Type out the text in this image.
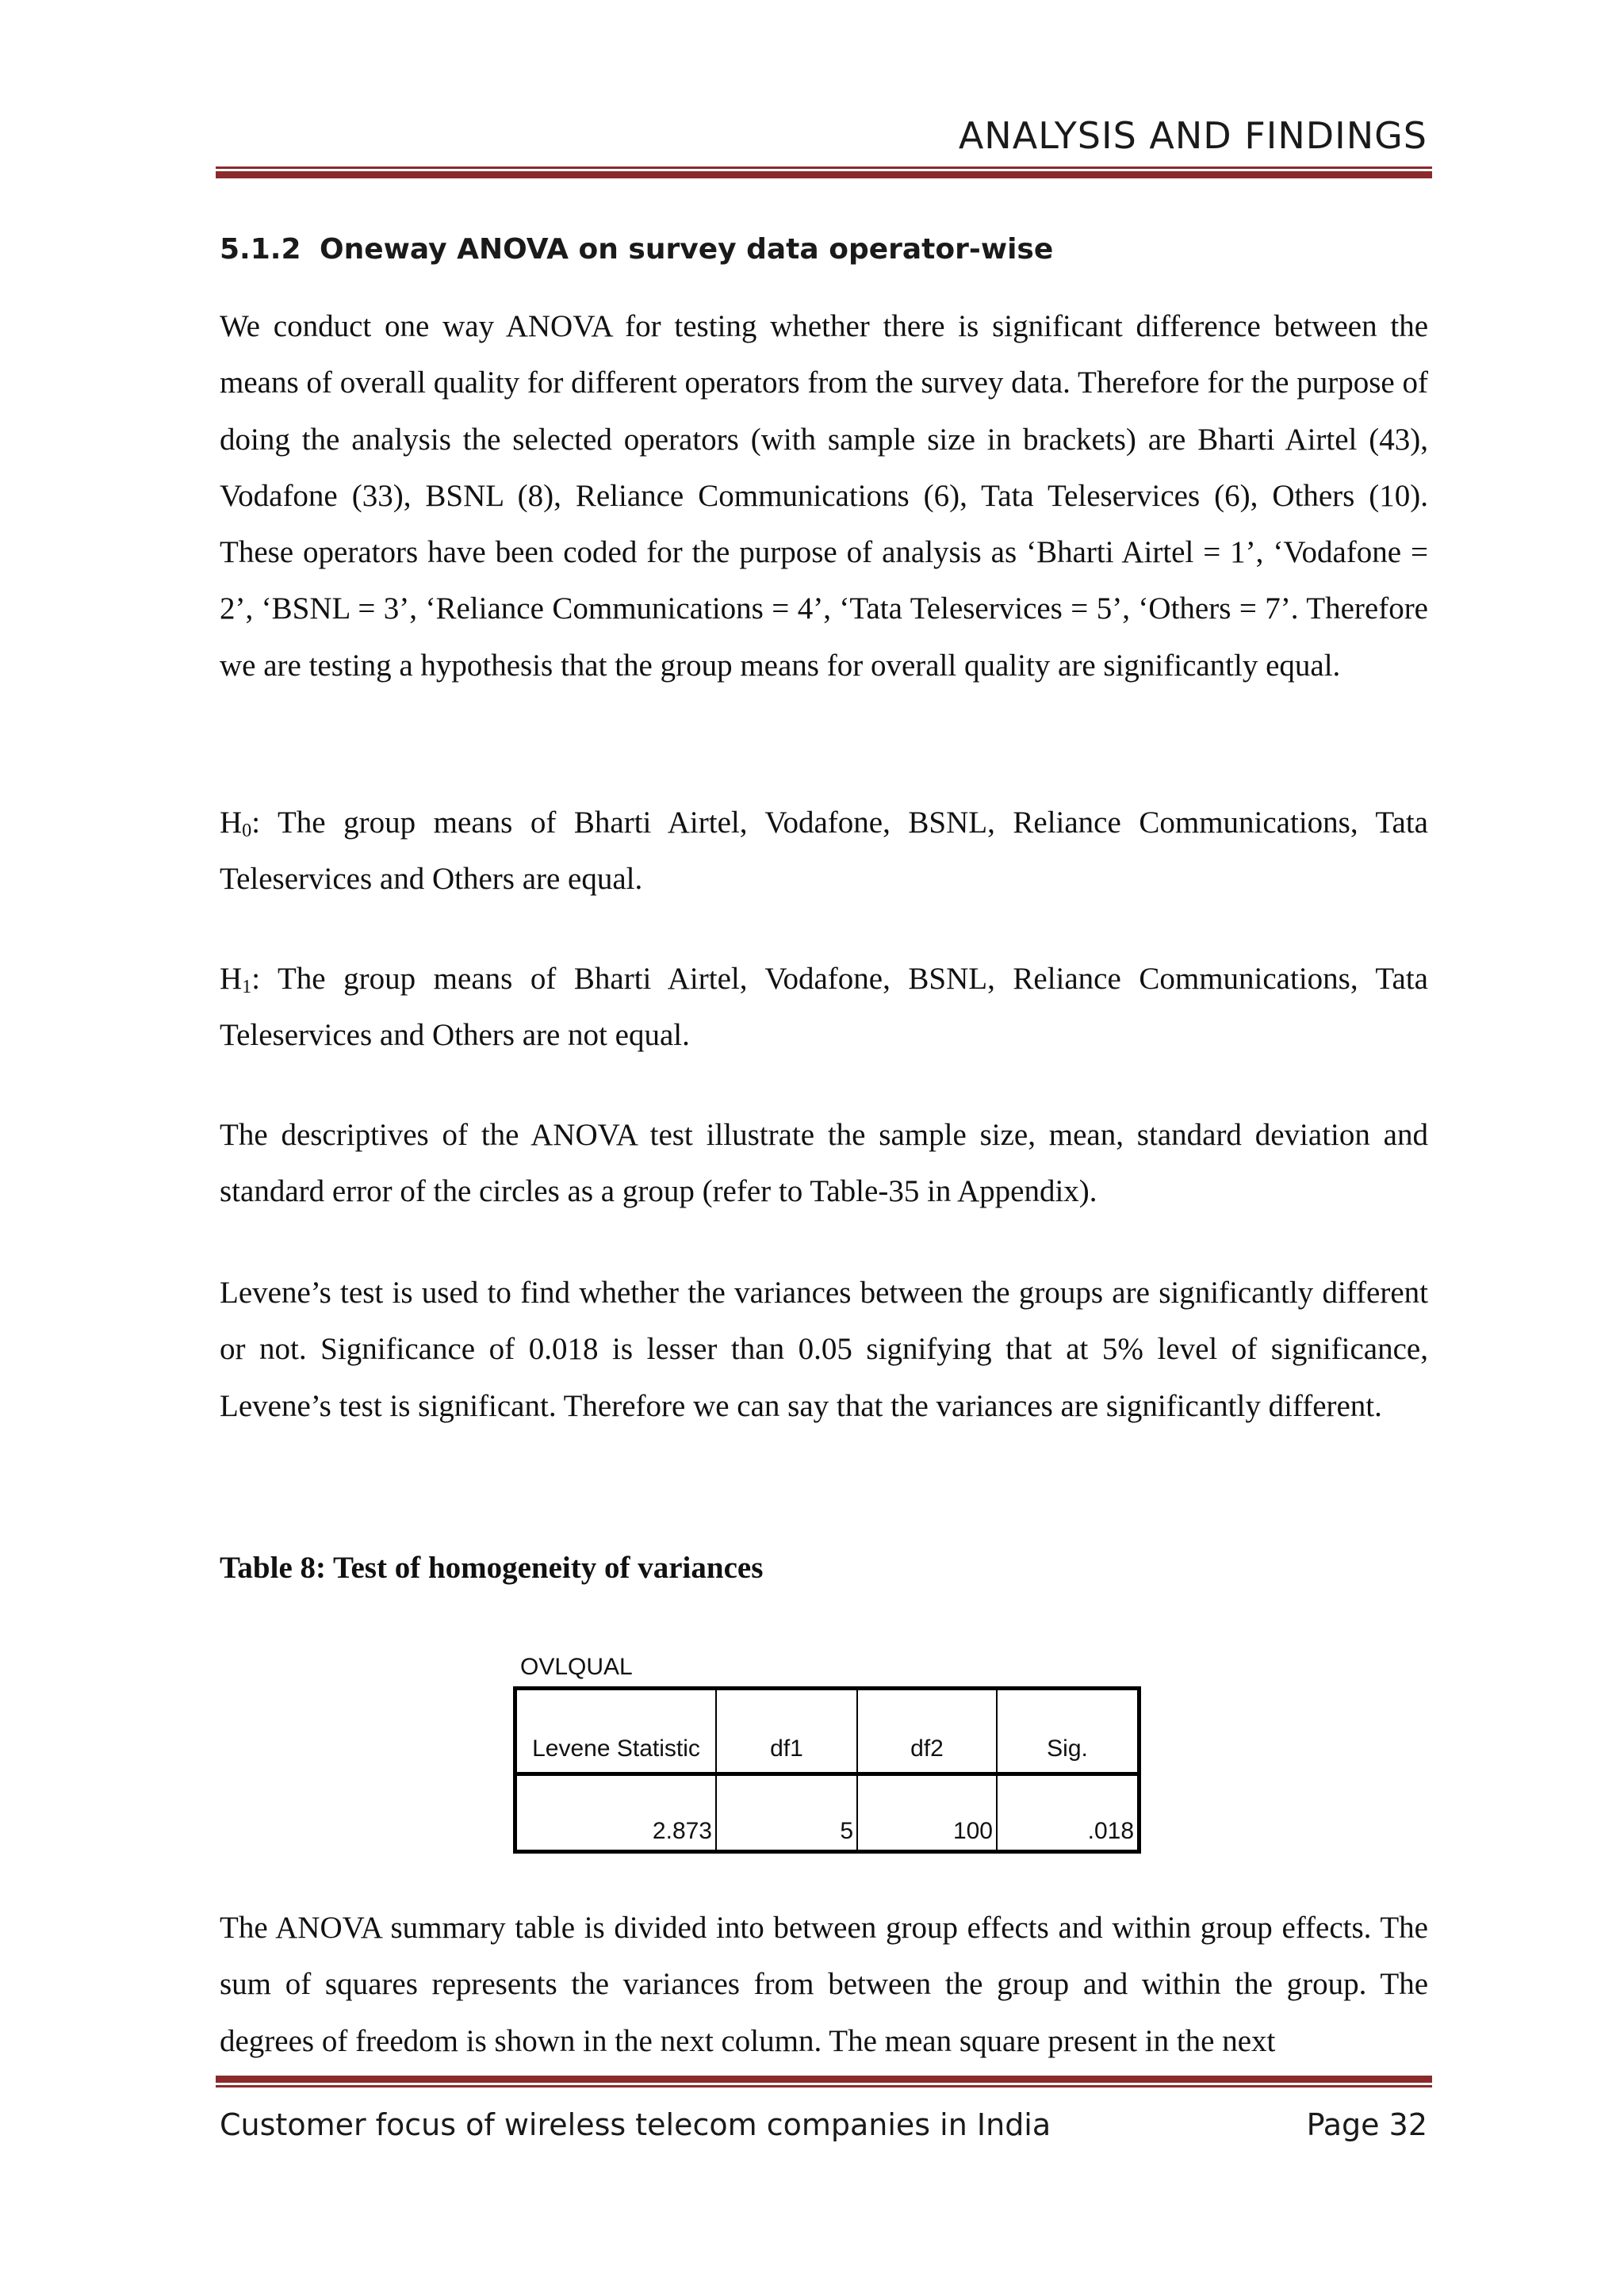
ANALYSIS AND FINDINGS
5.1.2 Oneway ANOVA on survey data operator-wise

We conduct one way ANOVA for testing whether there is significant difference between the means of overall quality for different operators from the survey data. Therefore for the purpose of doing the analysis the selected operators (with sample size in brackets) are Bharti Airtel (43), Vodafone (33), BSNL (8), Reliance Communications (6), Tata Teleservices (6), Others (10). These operators have been coded for the purpose of analysis as ‘Bharti Airtel = 1’, ‘Vodafone = 2’, ‘BSNL = 3’, ‘Reliance Communications = 4’, ‘Tata Teleservices = 5’, ‘Others = 7’. Therefore we are testing a hypothesis that the group means for overall quality are significantly equal.

$H_0$: The group means of Bharti Airtel, Vodafone, BSNL, Reliance Communications, Tata Teleservices and Others are equal.

$H_1$: The group means of Bharti Airtel, Vodafone, BSNL, Reliance Communications, Tata Teleservices and Others are not equal.

The descriptives of the ANOVA test illustrate the sample size, mean, standard deviation and standard error of the circles as a group (refer to Table-35 in Appendix).

Levene’s test is used to find whether the variances between the groups are significantly different or not. Significance of 0.018 is lesser than 0.05 signifying that at 5% level of significance, Levene’s test is significant. Therefore we can say that the variances are significantly different.

Table 8: Test of homogeneity of variances
OVLQUAL
Levene Statistic	df1	df2	Sig.
2.873	5	100	.018

The ANOVA summary table is divided into between group effects and within group effects. The sum of squares represents the variances from between the group and within the group. The degrees of freedom is shown in the next column. The mean square present in the next

Customer focus of wireless telecom companies in India	Page 32
